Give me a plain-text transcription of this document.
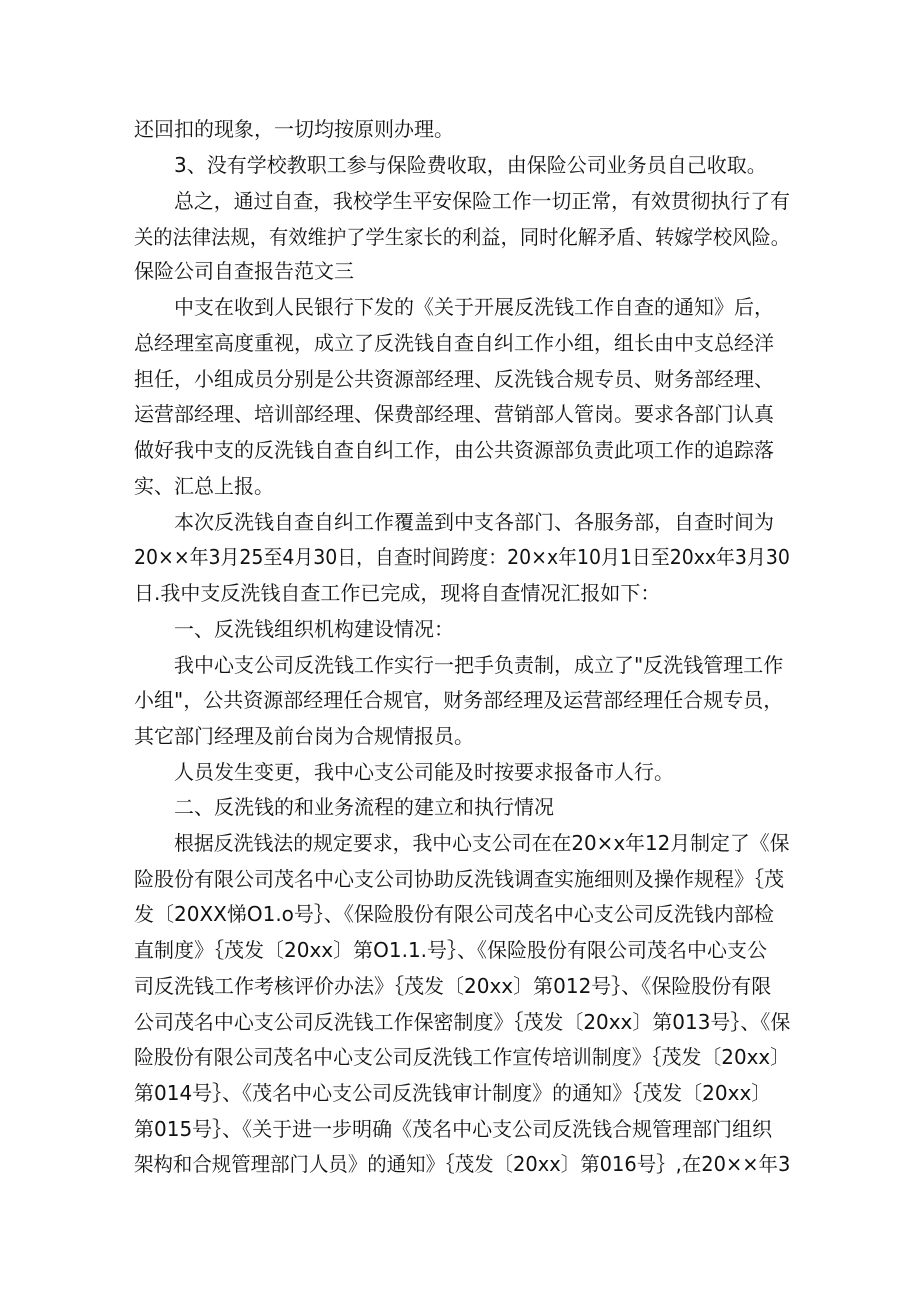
还回扣的现象，一切均按原则办理。
3、没有学校教职工参与保险费收取，由保险公司业务员自己收取。
总之，通过自查，我校学生平安保险工作一切正常，有效贯彻执行了有
关的法律法规，有效维护了学生家长的利益，同时化解矛盾、转嫁学校风险。
保险公司自查报告范文三
中支在收到人民银行下发的《关于开展反洗钱工作自查的通知》后，
总经理室高度重视，成立了反洗钱自查自纠工作小组，组长由中支总经洋
担任，小组成员分别是公共资源部经理、反洗钱合规专员、财务部经理、
运营部经理、培训部经理、保费部经理、营销部人管岗。要求各部门认真
做好我中支的反洗钱自查自纠工作，由公共资源部负责此项工作的追踪落
实、汇总上报。
本次反洗钱自查自纠工作覆盖到中支各部门、各服务部，自查时间为
20××年3月25至4月30日，自查时间跨度：20×x年10月1日至20xx年3月30
日.我中支反洗钱自查工作已完成，现将自查情况汇报如下：
一、反洗钱组织机构建设情况：
我中心支公司反洗钱工作实行一把手负责制，成立了"反洗钱管理工作
小组"，公共资源部经理任合规官，财务部经理及运营部经理任合规专员，
其它部门经理及前台岗为合规情报员。
人员发生变更，我中心支公司能及时按要求报备市人行。
二、反洗钱的和业务流程的建立和执行情况
根据反洗钱法的规定要求，我中心支公司在在20×x年12月制定了《保
险股份有限公司茂名中心支公司协助反洗钱调查实施细则及操作规程》｛茂
发〔20XX悌O1.o号｝、《保险股份有限公司茂名中心支公司反洗钱内部检
直制度》｛茂发〔20xx〕第O1.1.号｝、《保险股份有限公司茂名中心支公
司反洗钱工作考核评价办法》｛茂发〔20xx〕第012号｝、《保险股份有限
公司茂名中心支公司反洗钱工作保密制度》｛茂发〔20xx〕第013号｝、《保
险股份有限公司茂名中心支公司反洗钱工作宣传培训制度》｛茂发〔20xx〕
第014号｝、《茂名中心支公司反洗钱审计制度》的通知》｛茂发〔20xx〕
第015号｝、《关于进一步明确《茂名中心支公司反洗钱合规管理部门组织
架构和合规管理部门人员》的通知》｛茂发〔20xx〕第016号｝,在20××年3
